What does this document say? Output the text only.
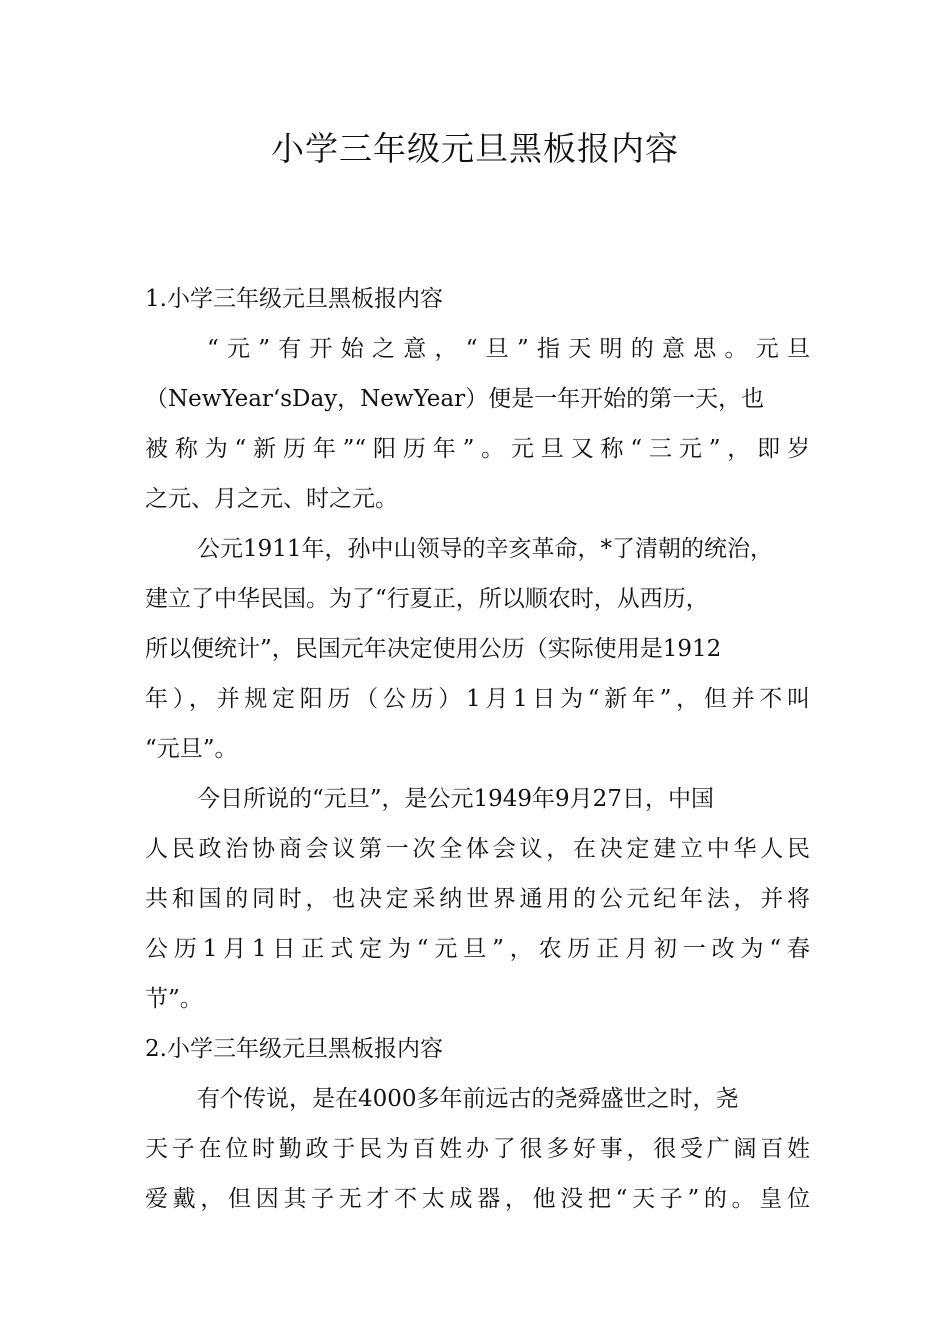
小学三年级元旦黑板报内容
1.小学三年级元旦黑板报内容
“元”有开始之意，“旦”指天明的意思。元旦
（NewYear‘sDay，NewYear）便是一年开始的第一天，也
被称为“新历年”“阳历年”。元旦又称“三元”，即岁
之元、月之元、时之元。
公元1911年，孙中山领导的辛亥革命，*了清朝的统治，
建立了中华民国。为了“行夏正，所以顺农时，从西历，
所以便统计”，民国元年决定使用公历（实际使用是1912
年），并规定阳历（公历）1月1日为“新年”，但并不叫
“元旦”。
今日所说的“元旦”，是公元1949年9月27日，中国
人民政治协商会议第一次全体会议，在决定建立中华人民
共和国的同时，也决定采纳世界通用的公元纪年法，并将
公历1月1日正式定为“元旦”，农历正月初一改为“春
节”。
2.小学三年级元旦黑板报内容
有个传说，是在4000多年前远古的尧舜盛世之时，尧
天子在位时勤政于民为百姓办了很多好事，很受广阔百姓
爱戴，但因其子无才不太成器，他没把“天子”的。皇位
